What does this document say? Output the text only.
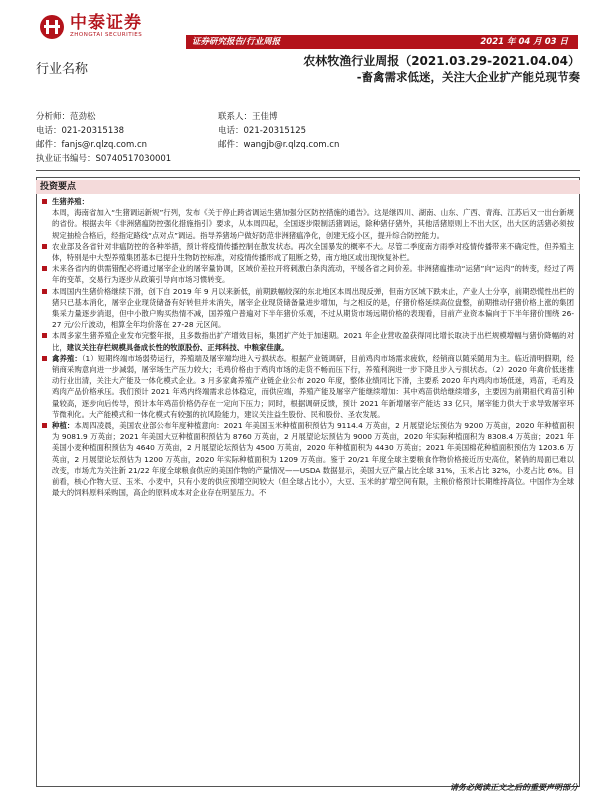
中泰证券
ZHONGTAI SECURITIES
证券研究报告/行业周报	2021 年 04 月 03 日
行业名称
农林牧渔行业周报（2021.03.29-2021.04.04）
-畜禽需求低迷，关注大企业扩产能兑现节奏
分析师：范劲松
电话：021-20315138
邮件：fanjs@r.qlzq.com.cn
执业证书编号：S0740517030001
联系人：王佳博
电话：021-20315125
邮件：wangjb@r.qlzq.com.cn
投资要点

生猪养殖：

本周，海南省加入“生猪调运新规”行列，发布《关于停止跨省调运生猪加强分区防控措施的通告》。这是继四川、湖南、山东、广西、青海、江苏后又一出台新规的省份。根据去年《非洲猪瘟防控强化措施指引》要求，从本周四起，全国逐步限制活猪调运，除种猪仔猪外，其他活猪原则上不出大区，出大区的活猪必须按规定抽检合格后，经指定路线“点对点”调运。指导养猪场户做好防范非洲猪瘟净化，创建无疫小区，提升综合防控能力。

农业部及各省针对非瘟防控的各种举措，预计将疫情传播控制在散发状态。再次全国暴发的概率不大。尽管二季度南方雨季对疫情传播带来不确定性，但养殖主体，特别是中大型养殖集团基本已提升生物防控标准，对疫情传播形成了阻断之势，南方地区或出现恢复补栏。

未来各省内的供需错配必将通过屠宰企业的屠宰量协调，区域价差拉开将刺激白条肉流动，平缓各省之间价差。非洲猪瘟推动“运猪”向“运肉”的转变，经过了两年的变革，交易行为逐步从政策引导向市场习惯转变。

本周国内生猪价格继续下滑，创下自 2019 年 9 月以来新低，前期跌幅较深的东北地区本周出现反弹，但南方区域下跌未止，产业人士分享，前期恐慌性出栏的猪只已基本消化，屠宰企业现货储备有好转但并未消失，屠宰企业现货储备量进步增加，与之相反的是，仔猪价格延续高位盘整，前期推动仔猪价格上涨的集团集采力量逐步消退，但中小散户购买热情不减，国养殖户普遍对下半年猪价乐观，不过从期货市场远期价格的表现看，目前产业资本偏向于下半年猪价围绕 26-27 元/公斤波动，相算全年均价落在 27-28 元区间。

本周多家生猪养殖企业发布完整年报，且多数指出扩产增效目标，集团扩产处于加速期。2021 年企业营收盈获得同比增长取决于出栏规模增幅与猪价降幅的对比，建议关注存栏规模具备成长性的牧原股份、正邦科技、中粮家佳康。

禽养殖：（1）短期终端市场弱势运行，养殖端及屠宰端均进入亏损状态。根据产业链调研，目前鸡肉市场需求疲软，经销商以随采随用为主。临近清明假期，经销商采购意向进一步减弱，屠宰场生产压力较大；毛鸡价格由于鸡肉市场的走货不畅而压下行，养殖利润进一步下降且步入亏损状态。（2）2020 年禽价低迷推动行业出清，关注大产能及一体化模式企业。3 月多家禽养殖产业链企业公布 2020 年度，整体业绩同比下滑，主要系 2020 年内鸡肉市场低迷，鸡苗，毛鸡及鸡肉产品价格承压。我们预计 2021 年鸡内终端需求总体稳定，而供应端，养殖产能及屠宰产能继续增加：其中鸡苗供给继续增多，主要因为前期祖代鸡苗引种量较高，逐步向后传导，预计本年鸡苗价格仍存在一定向下压力；同时，根据调研反馈，预计 2021 年新增屠宰产能达 33 亿只，屠宰能力供大于求导致屠宰环节微利化。大产能模式和一体化模式有较强的抗风险能力，建议关注益生股份、民和股份、圣农发展。

种植：本周四凌晨，美国农业部公布年度种植意向：2021 年美国玉米种植面积预估为 9114.4 万英亩，2 月展望论坛预估为 9200 万英亩，2020 年种植面积为 9081.9 万英亩；2021 年美国大豆种植面积预估为 8760 万英亩，2 月展望论坛预估为 9000 万英亩，2020 年实际种植面积为 8308.4 万英亩；2021 年美国小麦种植面积预估为 4640 万英亩，2 月展望论坛预估为 4500 万英亩，2020 年种植面积为 4430 万英亩；2021 年美国棉花种植面积预估为 1203.6 万英亩，2 月展望论坛预估为 1200 万英亩，2020 年实际种植面积为 1209 万英亩。鉴于 20/21 年度全球主要粮食作物价格接近历史高位，紧俏的局面已难以改变，市场尤为关注新 21/22 年度全球粮食供应的美国作物的产量情况——USDA 数据显示，美国大豆产量占比全球 31%，玉米占比 32%，小麦占比 6%。目前看，核心作物大豆、玉米、小麦中，只有小麦的供应预增空间较大（但全球占比小），大豆、玉米的扩增空间有限，主粮价格预计长期维持高位。中国作为全球最大的饲料原料采购国，高企的原料成本对企业存在明显压力。不

请务必阅读正文之后的重要声明部分
